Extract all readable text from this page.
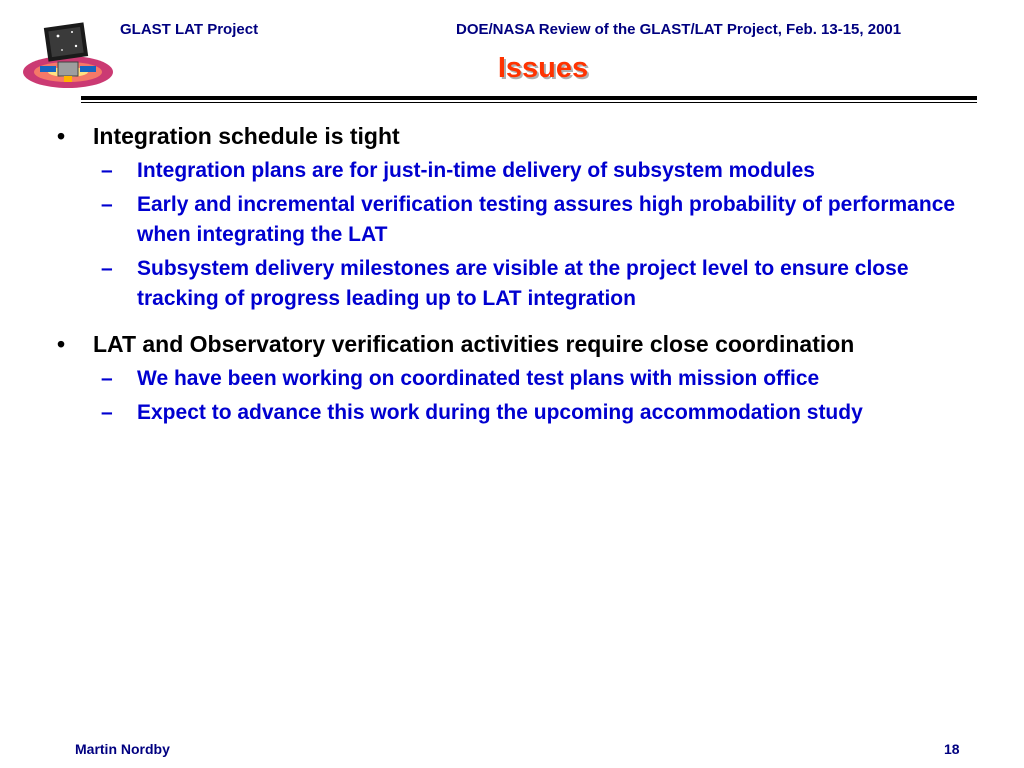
GLAST LAT Project	DOE/NASA Review of the GLAST/LAT Project, Feb. 13-15, 2001
Issues
• Integration schedule is tight
– Integration plans are for just-in-time delivery of subsystem modules
– Early and incremental verification testing assures high probability of performance when integrating the LAT
– Subsystem delivery milestones are visible at the project level to ensure close tracking of progress leading up to LAT integration
• LAT and Observatory verification activities require close coordination
– We have been working on coordinated test plans with mission office
– Expect to advance this work during the upcoming accommodation study
Martin Nordby	18
